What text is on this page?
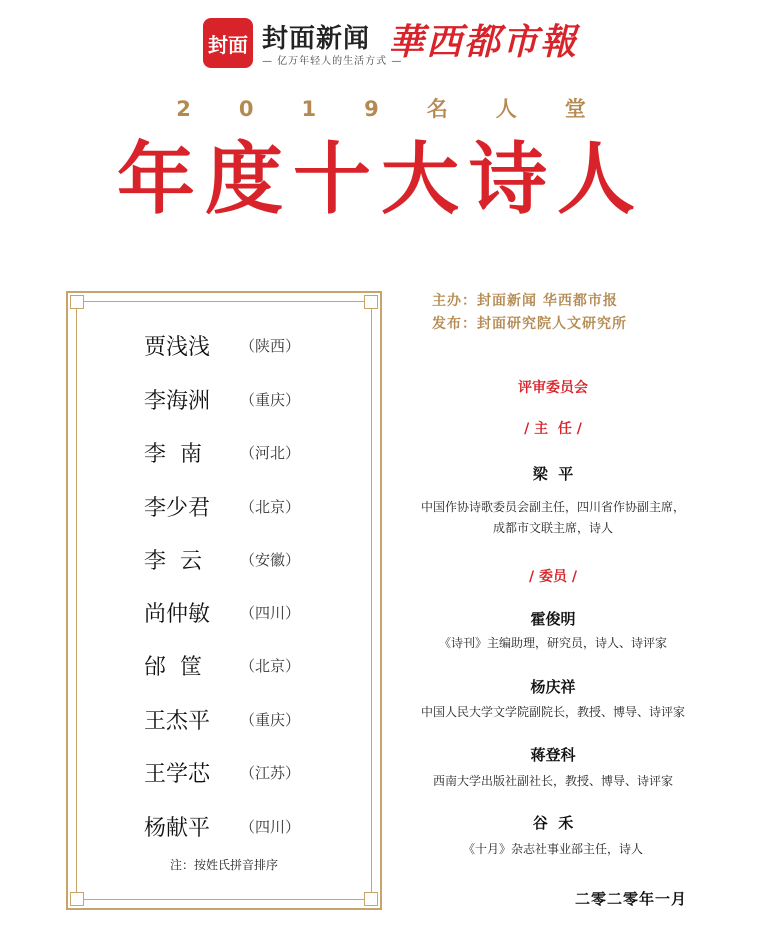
封面 封面新闻
— 亿万年轻人的生活方式 —
華西都市報
2019名人堂
年度十大诗人
贾浅浅	（陕西）
李海洲	（重庆）
李  南	（河北）
李少君	（北京）
李  云	（安徽）
尚仲敏	（四川）
邰  筐	（北京）
王杰平	（重庆）
王学芯	（江苏）
杨献平	（四川）
注：按姓氏拼音排序
主办：封面新闻 华西都市报
发布：封面研究院人文研究所
评审委员会
/ 主  任 /
梁  平
中国作协诗歌委员会副主任，四川省作协副主席，
成都市文联主席，诗人
/ 委员 /
霍俊明
《诗刊》主编助理，研究员，诗人、诗评家
杨庆祥
中国人民大学文学院副院长，教授、博导、诗评家
蒋登科
西南大学出版社副社长，教授、博导、诗评家
谷  禾
《十月》杂志社事业部主任，诗人
二零二零年一月
